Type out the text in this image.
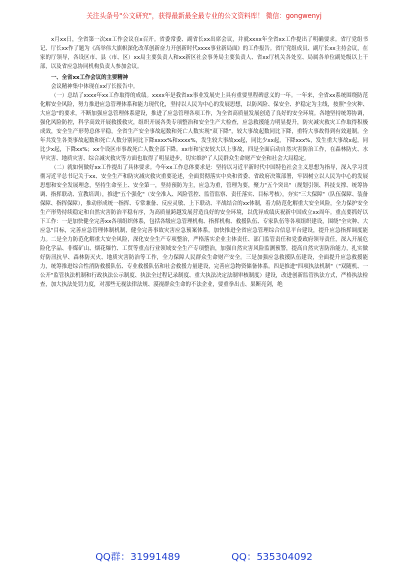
关注头条号"公文研究"，获得最新最全最专业的公文资料库！ 微信：gongwenyj

x月xx日，全省第一次xx工作会议在x召开。省委常委、副省长xx出席会议，并就xxxx年全省xx工作提出了明确要求。省厅党组书记、厅长xx作了题为《高举伟大旗帜深化改革创新奋力开创新时代xxxx事业新局面》的工作报告。省厅党组成员、副厅长xx主持会议，在家的厅领导，各设区市、县（市、区）xx局主要负责人和xx新区社会事务局主要负责人、省xx厅机关各处室、局属各单位副处级以上干部，以及省应急协同机构负责人参加会议。

一、全省xx工作会议的主要精神

会议精神集中体现在xx厅长报告中。

（一）总结了xxxx年xx工作取得的成绩。xxxx年是我省xx事业发展史上具有重要里程碑意义的一年。一年来，全省xx系统围绕防范化解安全风险，努力推进应急管理体系和能力现代化，坚持以人民为中心的发展思想，以防风险、保安全、护稳定为主线，按照"全灾种、大应急"的要求，不断加强应急管理体系建设，推进了应急管理各项工作，为全省高质量发展创造了良好的安全环境。各地坚持统筹协调，强化风险防控，科学高效开展救援救灾，组织开展各类专项整治和安全生产大检查，应急救援能力明显提升，防灾减灾救灾工作取得积极成效，安全生产形势总体平稳，全省生产安全事故起数和死亡人数实现"双下降"，较大事故起数同比下降，重特大事故得到有效遏制。全年共发生各类事故起数和死亡人数分别同比下降xxxx%和xxxx%，发生较大事故xx起，同比少xx起，下降xxx%，发生重大事故x起，同比少x起，下降xx%；xx个设区市事故死亡人数全部下降。xx市和宝安较大以上事故，四是全面启动自然灾害防治工作，在森林防火、水旱灾害、地质灾害、综合减灾救灾等方面也取得了明显进步，切实维护了人民群众生命财产安全和社会大局稳定。

（二）就如何做好xx工作提出了具体要求。今年xx工作总体要求是：坚持以习近平新时代中国特色社会主义思想为指导，深入学习贯彻习近平总书记关于xx、安全生产和防灾减灾救灾重要论述，全面贯彻落实中央和省委、省政府决策部署，牢固树立以人民为中心的发展思想和安全发展理念，坚持生命至上、安全第一，坚持预防为主，应急为重，管理为要，聚力"五个突出"（规划引领、科技支撑、统筹协调、指挥联动、宣教培训），推进"五个强化"（安全准入、风险管控、监管监察、责任落实、目标考核），夯实"三大保障"（队伍保障、装备保障、指挥保障），推动形成统一指挥、专常兼备、反应灵敏、上下联动、平战结合的xx体制，着力防范化解重大安全风险，全力保护安全生产形势持续稳定和自然灾害防治平稳有序，为高质量跨越发展营造良好的安全环境，以优异成绩庆祝新中国成立xx周年。重点要抓好以下工作：一是加快健全完善xx各项组织体系，包括各级应急管理机构、指挥机构、救援队伍、专家队伍等各项组织建设，围绕"全灾种、大应急"目标，完善应急管理体制机制，健全完善事故灾害应急预案体系，加快推进全省应急管理综合信息平台建设，提升应急指挥调度能力。二是全力防范化解重大安全风险，深化安全生产专项整治，严格落实企业主体责任、部门监管责任和党委政府领导责任，深入开展危险化学品、非煤矿山、烟花爆竹、工贸等重点行业领域安全生产专项整治，加强自然灾害风险监测预警，提高自然灾害防治能力，扎实做好防汛抗旱、森林防灭火、地质灾害防治等工作，全力保障人民群众生命财产安全。三是加强应急救援队伍建设，全面提升应急救援能力，统筹推进综合性消防救援队伍、专业救援队伍和社会救援力量建设，完善应急物资储备体系。四是推进"四项执法机制"（"双随机、一公开"监管执法机制和行政执法公示制度、执法全过程记录制度、重大执法决定法制审核制度）建设，改进创新监管执法方式，严格执法检查，加大执法处罚力度，对那些无视法律法规、漠视群众生命的不法企业，要重拳出击、果断亮剑，绝

QQ群：31991489	QQ：535304092
